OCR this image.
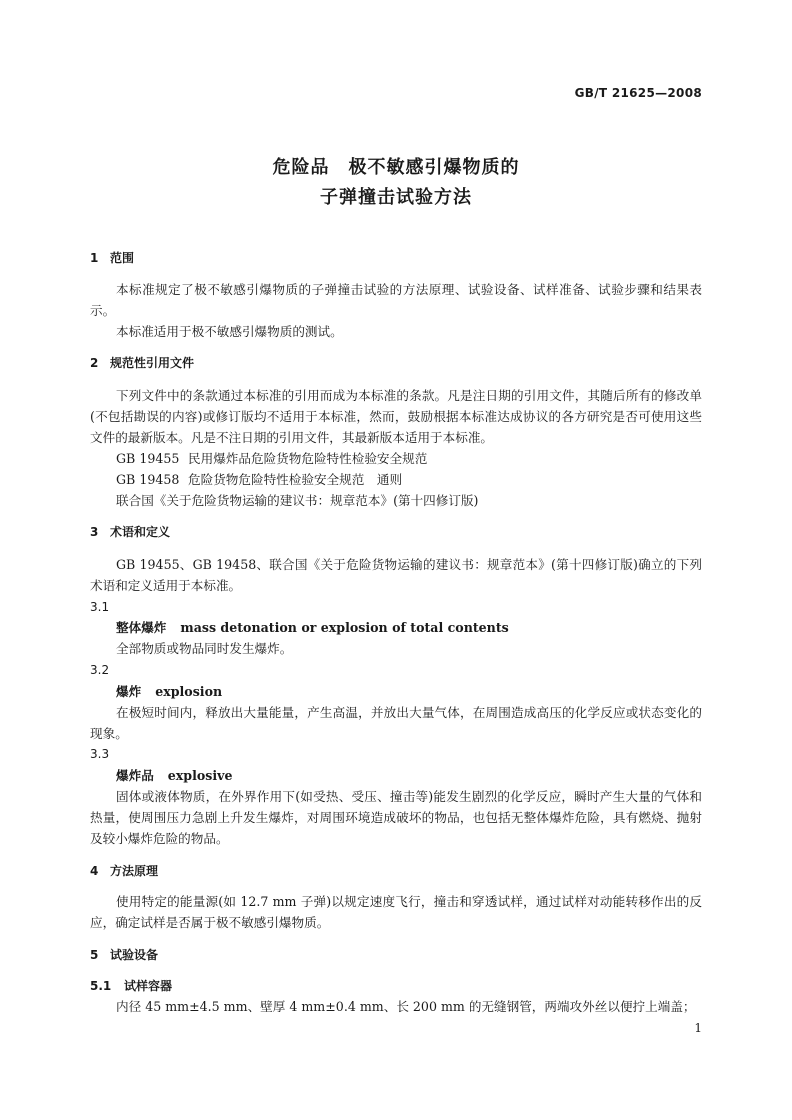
GB/T 21625—2008
危险品　极不敏感引爆物质的
子弹撞击试验方法
1 范围
本标准规定了极不敏感引爆物质的子弹撞击试验的方法原理、试验设备、试样准备、试验步骤和结果表示。
本标准适用于极不敏感引爆物质的测试。
2 规范性引用文件
下列文件中的条款通过本标准的引用而成为本标准的条款。凡是注日期的引用文件，其随后所有的修改单(不包括勘误的内容)或修订版均不适用于本标准，然而，鼓励根据本标准达成协议的各方研究是否可使用这些文件的最新版本。凡是不注日期的引用文件，其最新版本适用于本标准。
GB 19455 民用爆炸品危险货物危险特性检验安全规范
GB 19458 危险货物危险特性检验安全规范　通则
联合国《关于危险货物运输的建议书：规章范本》(第十四修订版)
3 术语和定义
GB 19455、GB 19458、联合国《关于危险货物运输的建议书：规章范本》(第十四修订版)确立的下列术语和定义适用于本标准。
3.1
整体爆炸 mass detonation or explosion of total contents
全部物质或物品同时发生爆炸。
3.2
爆炸 explosion
在极短时间内，释放出大量能量，产生高温，并放出大量气体，在周围造成高压的化学反应或状态变化的现象。
3.3
爆炸品 explosive
固体或液体物质，在外界作用下(如受热、受压、撞击等)能发生剧烈的化学反应，瞬时产生大量的气体和热量，使周围压力急剧上升发生爆炸，对周围环境造成破坏的物品，也包括无整体爆炸危险，具有燃烧、抛射及较小爆炸危险的物品。
4 方法原理
使用特定的能量源(如 12.7 mm 子弹)以规定速度飞行，撞击和穿透试样，通过试样对动能转移作出的反应，确定试样是否属于极不敏感引爆物质。
5 试验设备
5.1 试样容器
内径 45 mm±4.5 mm、壁厚 4 mm±0.4 mm、长 200 mm 的无缝钢管，两端攻外丝以便拧上端盖；
1
